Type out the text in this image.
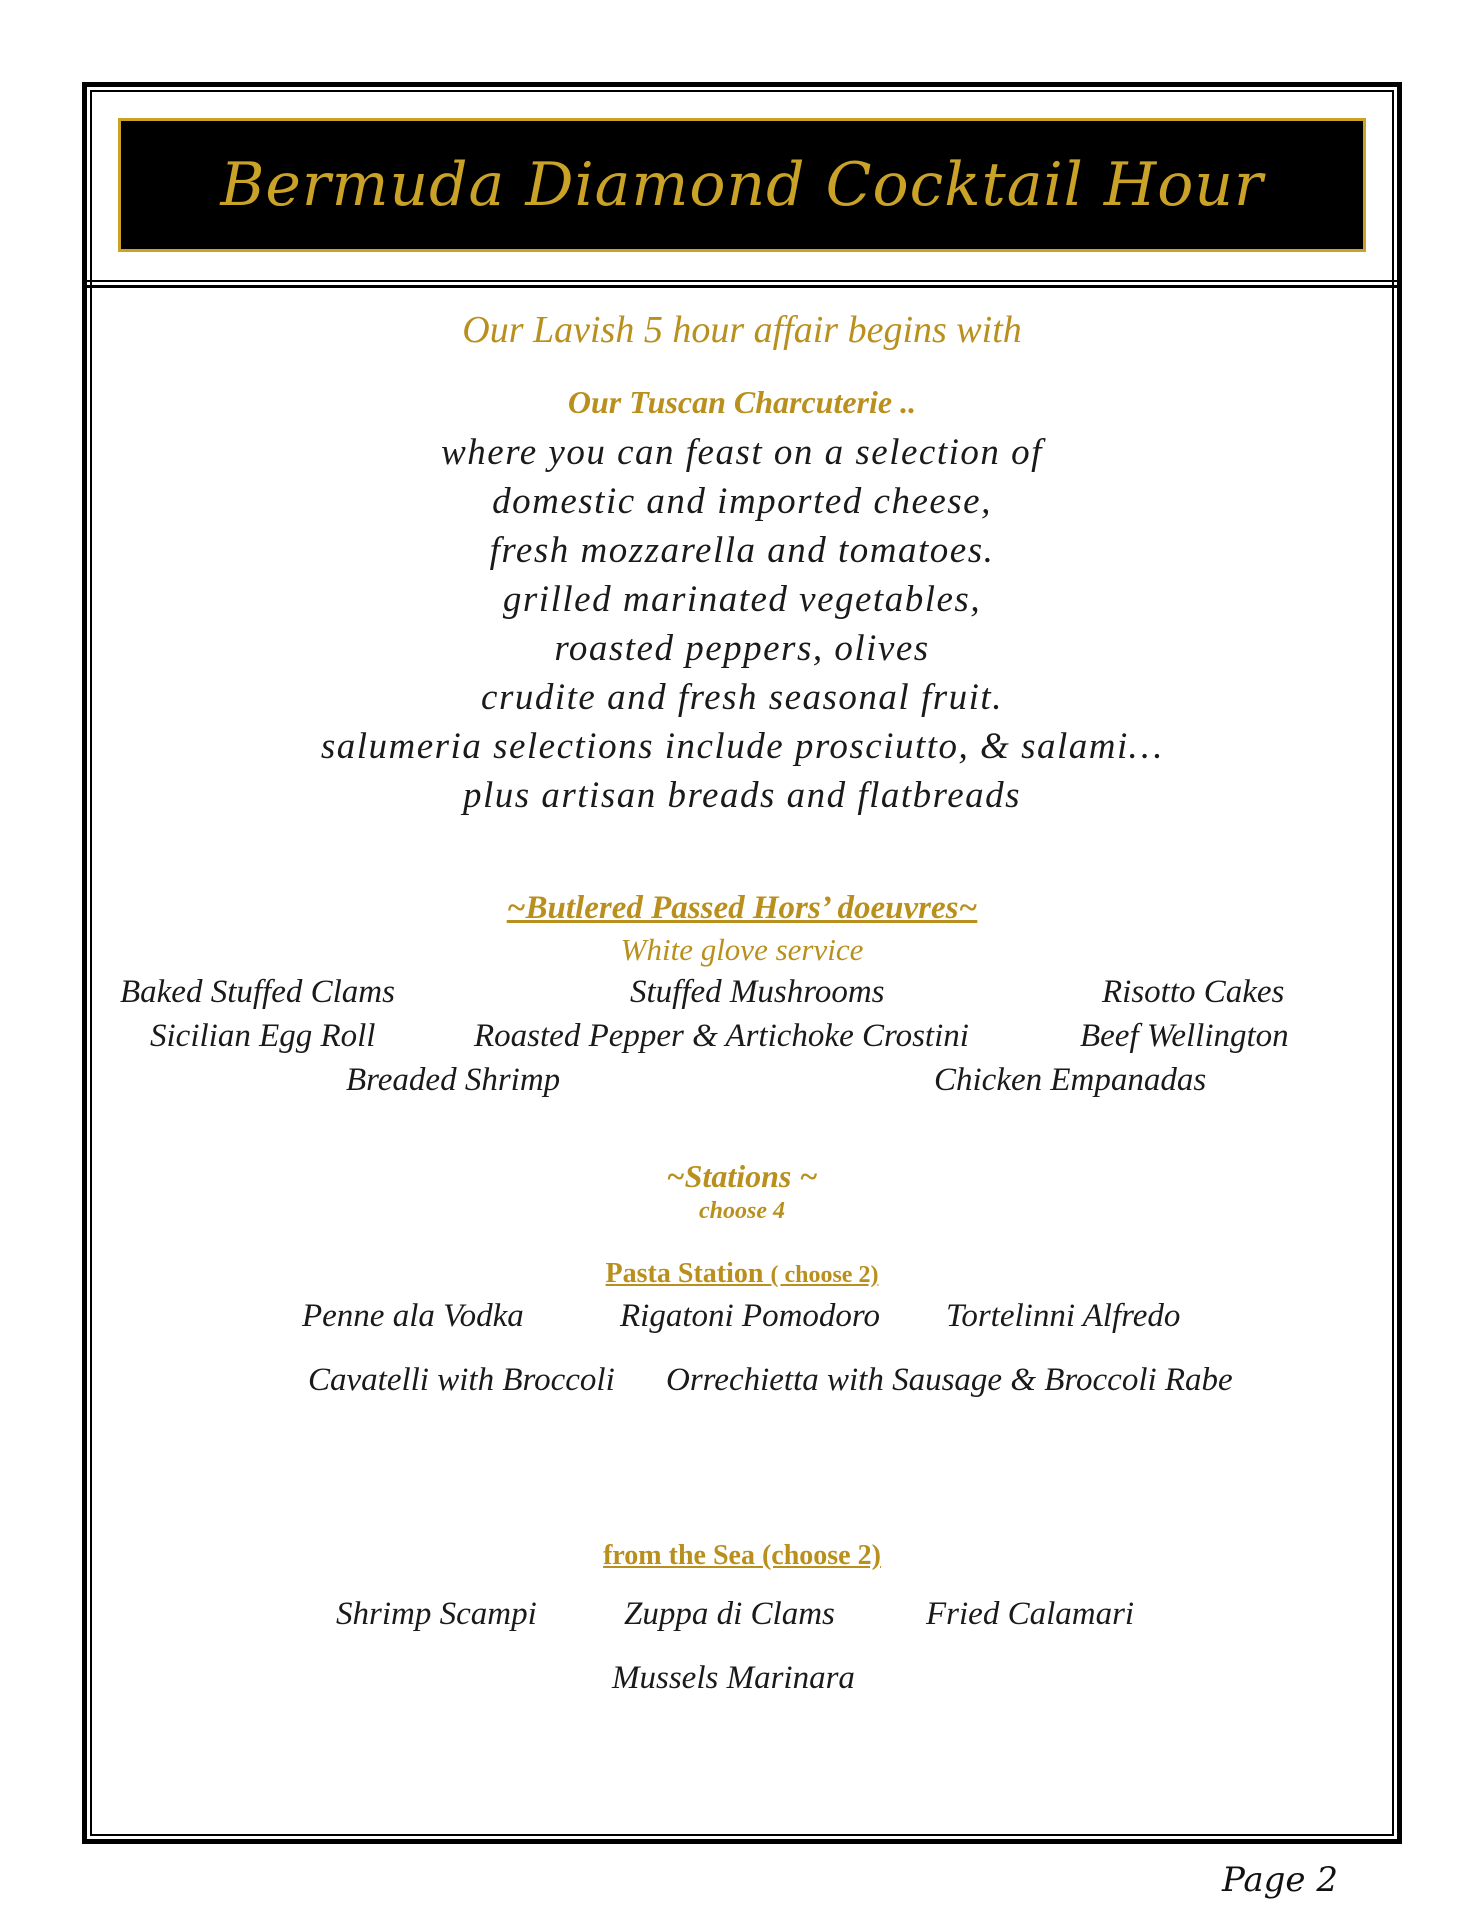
Bermuda Diamond Cocktail Hour
Our Lavish 5 hour affair begins with
Our Tuscan Charcuterie ..
where you can feast on a selection of
domestic and imported cheese,
fresh mozzarella and tomatoes.
grilled marinated vegetables,
roasted peppers, olives
crudite and fresh seasonal fruit.
salumeria selections include prosciutto, & salami…
plus artisan breads and flatbreads
~Butlered Passed Hors’ doeuvres~
White glove service
Baked Stuffed Clams	Stuffed Mushrooms	Risotto Cakes
Sicilian Egg Roll	Roasted Pepper & Artichoke Crostini	Beef Wellington
Breaded Shrimp	Chicken Empanadas
~Stations ~
choose 4
Pasta Station ( choose 2)
Penne ala Vodka	Rigatoni Pomodoro Tortelinni Alfredo
Cavatelli with Broccoli Orrechietta with Sausage & Broccoli Rabe
from the Sea (choose 2)
Shrimp Scampi	Zuppa di Clams	Fried Calamari
Mussels Marinara
Page 2
